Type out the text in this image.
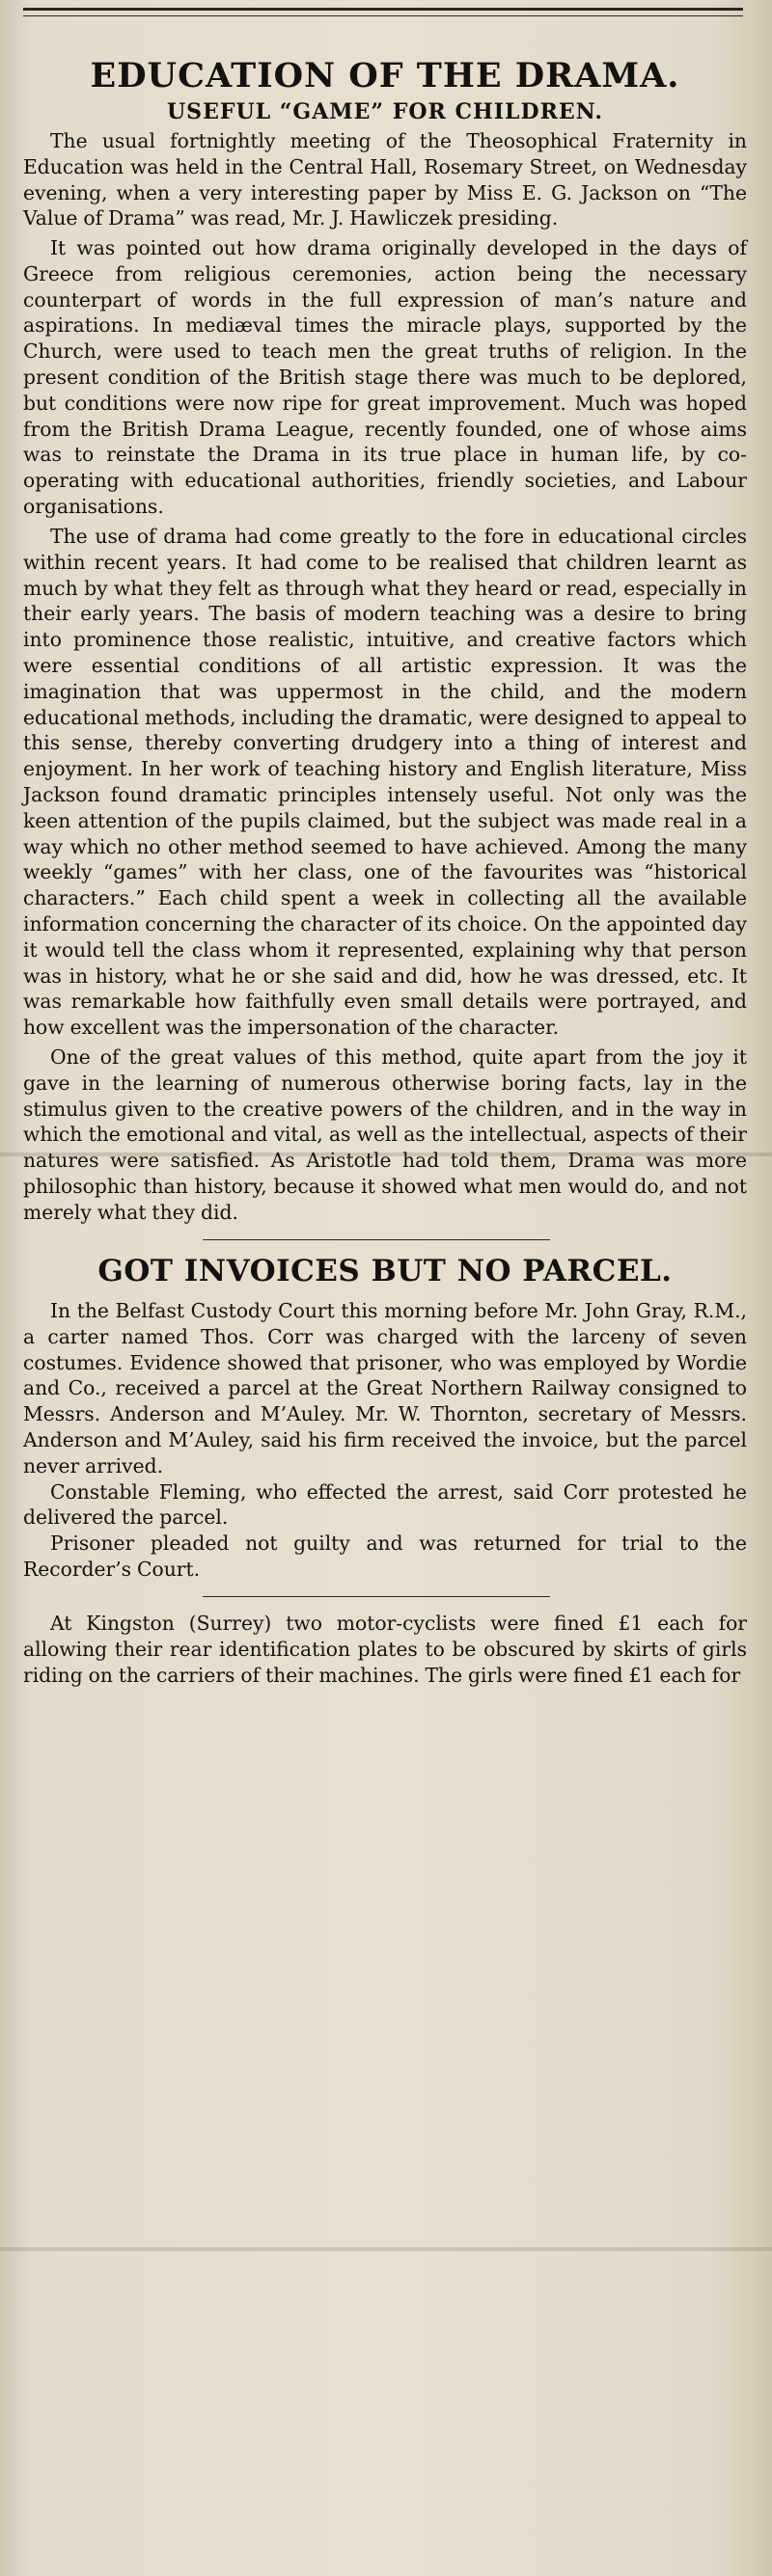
EDUCATION OF THE DRAMA.
USEFUL “GAME” FOR CHILDREN.
The usual fortnightly meeting of the Theosophical Fraternity in Education was held in the Central Hall, Rosemary Street, on Wednesday evening, when a very interesting paper by Miss E. G. Jackson on “The Value of Drama” was read, Mr. J. Hawliczek presiding.
It was pointed out how drama originally developed in the days of Greece from religious ceremonies, action being the necessary counterpart of words in the full expression of man’s nature and aspirations. In mediæval times the miracle plays, supported by the Church, were used to teach men the great truths of religion. In the present condition of the British stage there was much to be deplored, but conditions were now ripe for great improvement. Much was hoped from the British Drama League, recently founded, one of whose aims was to reinstate the Drama in its true place in human life, by co-operating with educational authorities, friendly societies, and Labour organisations.
The use of drama had come greatly to the fore in educational circles within recent years. It had come to be realised that children learnt as much by what they felt as through what they heard or read, especially in their early years. The basis of modern teaching was a desire to bring into prominence those realistic, intuitive, and creative factors which were essential conditions of all artistic expression. It was the imagination that was uppermost in the child, and the modern educational methods, including the dramatic, were designed to appeal to this sense, thereby converting drudgery into a thing of interest and enjoyment. In her work of teaching history and English literature, Miss Jackson found dramatic principles intensely useful. Not only was the keen attention of the pupils claimed, but the subject was made real in a way which no other method seemed to have achieved. Among the many weekly “games” with her class, one of the favourites was “historical characters.” Each child spent a week in collecting all the available information concerning the character of its choice. On the appointed day it would tell the class whom it represented, explaining why that person was in history, what he or she said and did, how he was dressed, etc. It was remarkable how faithfully even small details were portrayed, and how excellent was the impersonation of the character.
One of the great values of this method, quite apart from the joy it gave in the learning of numerous otherwise boring facts, lay in the stimulus given to the creative powers of the children, and in the way in which the emotional and vital, as well as the intellectual, aspects of their natures were satisfied. As Aristotle had told them, Drama was more philosophic than history, because it showed what men would do, and not merely what they did.
GOT INVOICES BUT NO PARCEL.
In the Belfast Custody Court this morning before Mr. John Gray, R.M., a carter named Thos. Corr was charged with the larceny of seven costumes. Evidence showed that prisoner, who was employed by Wordie and Co., received a parcel at the Great Northern Railway consigned to Messrs. Anderson and M’Auley. Mr. W. Thornton, secretary of Messrs. Anderson and M’Auley, said his firm received the invoice, but the parcel never arrived.
Constable Fleming, who effected the arrest, said Corr protested he delivered the parcel.
Prisoner pleaded not guilty and was returned for trial to the Recorder’s Court.
At Kingston (Surrey) two motor-cyclists were fined £1 each for allowing their rear identification plates to be obscured by skirts of girls riding on the carriers of their machines. The girls were fined £1 each for
